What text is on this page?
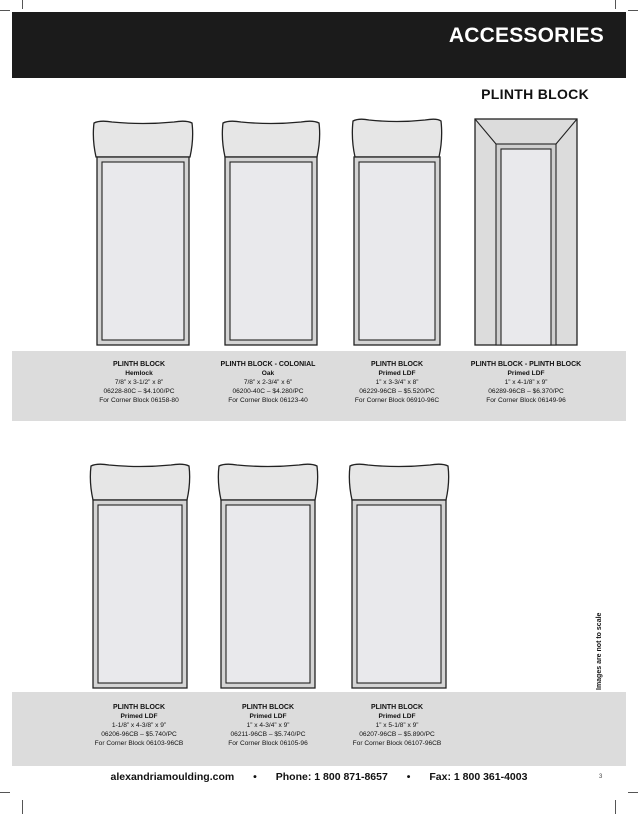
ACCESSORIES
PLINTH BLOCK
PLINTH BLOCK
Hemlock
7/8” x 3-1/2” x 8”
06228-80C – $4.100/PC
For Corner Block 06158-80
PLINTH BLOCK - COLONIAL
Oak
7/8” x 2-3/4” x 6”
06200-40C – $4.280/PC
For Corner Block 06123-40
PLINTH BLOCK
Primed LDF
1” x 3-3/4” x 8”
06229-96CB – $5.520/PC
For Corner Block 06910-96C
PLINTH BLOCK - PLINTH BLOCK
Primed LDF
1” x 4-1/8” x 9”
06289-96CB – $6.370/PC
For Corner Block 06149-96
PLINTH BLOCK
Primed LDF
1-1/8” x 4-3/8” x 9”
06206-96CB – $5.740/PC
For Corner Block 06103-96CB
PLINTH BLOCK
Primed LDF
1” x 4-3/4” x 9”
06211-96CB – $5.740/PC
For Corner Block 06105-96
PLINTH BLOCK
Primed LDF
1” x 5-1/8” x 9”
06207-96CB – $5.890/PC
For Corner Block 06107-96CB
Images are not to scale
alexandriamoulding.com • Phone: 1 800 871-8657 • Fax: 1 800 361-4003	3
